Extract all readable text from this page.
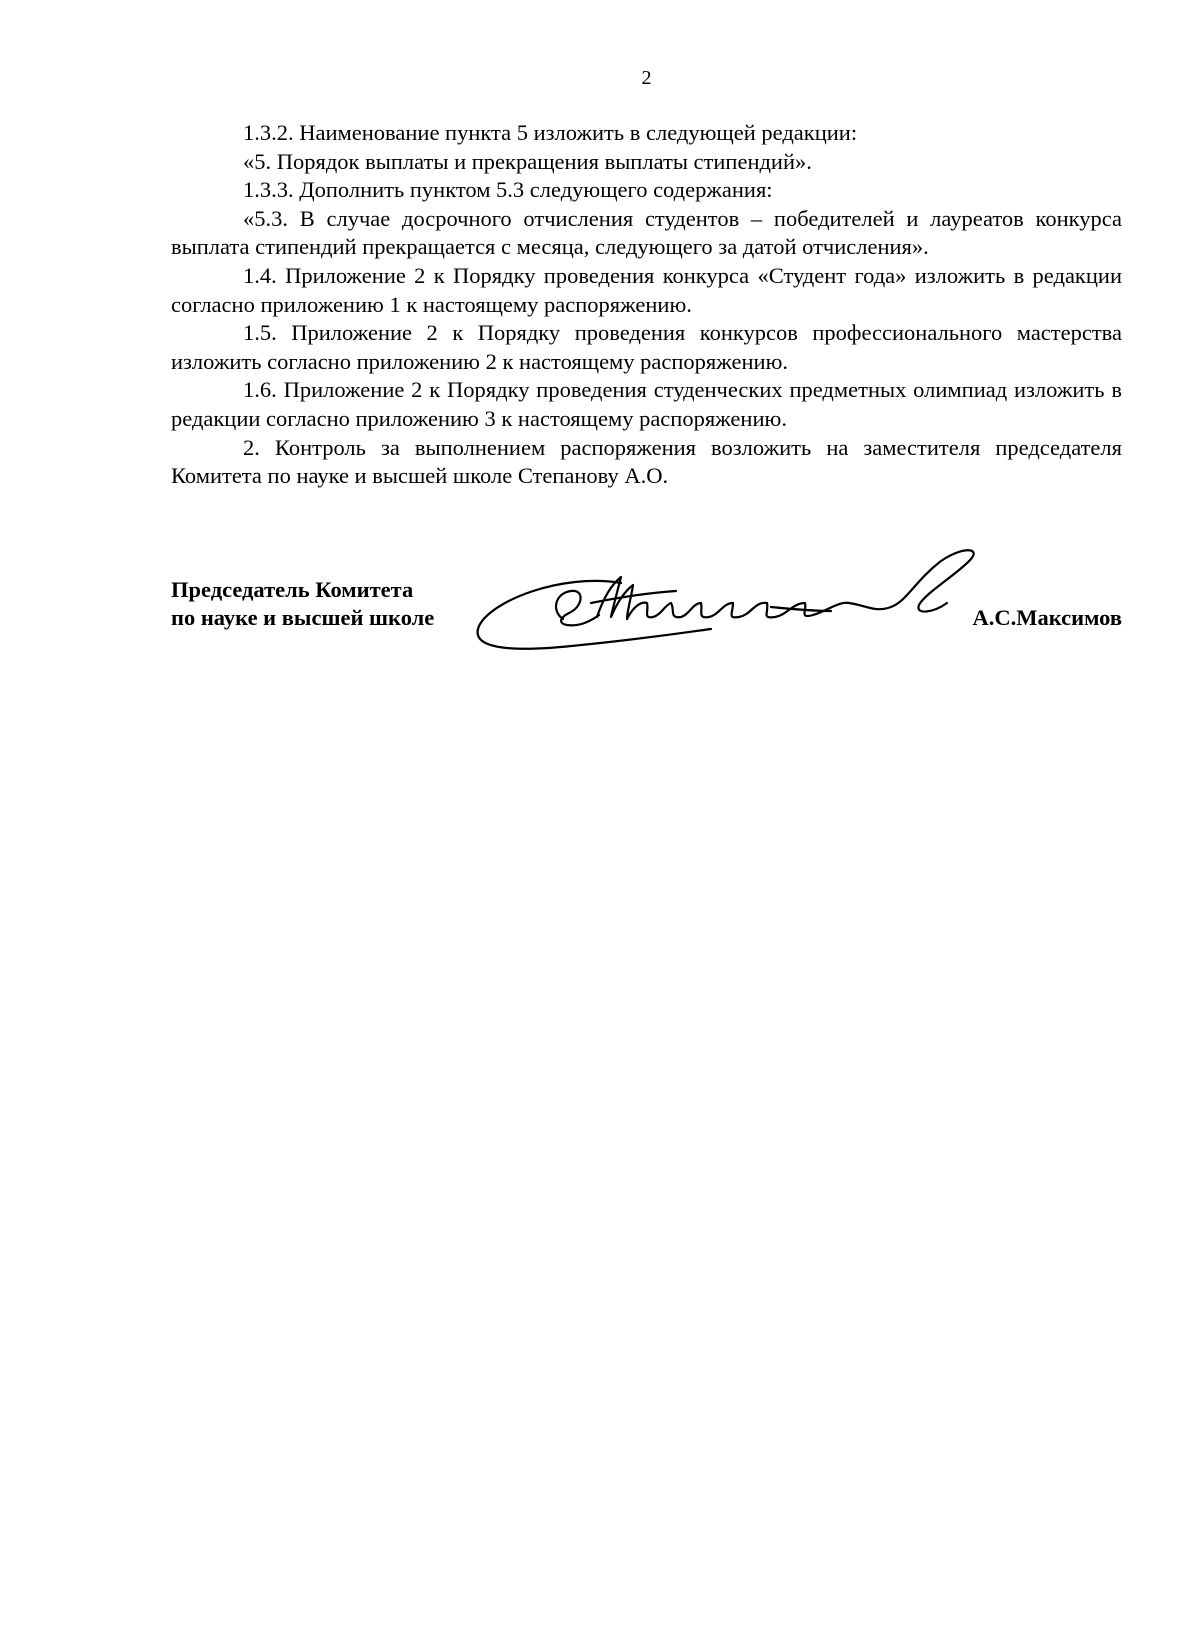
2

1.3.2. Наименование пункта 5 изложить в следующей редакции:

«5. Порядок выплаты и прекращения выплаты стипендий».

1.3.3. Дополнить пунктом 5.3 следующего содержания:

«5.3. В случае досрочного отчисления студентов – победителей и лауреатов конкурса выплата стипендий прекращается с месяца, следующего за датой отчисления».

1.4. Приложение 2 к Порядку проведения конкурса «Студент года» изложить в редакции согласно приложению 1 к настоящему распоряжению.

1.5. Приложение 2 к Порядку проведения конкурсов профессионального мастерства изложить согласно приложению 2 к настоящему распоряжению.

1.6. Приложение 2 к Порядку проведения студенческих предметных олимпиад изложить в редакции согласно приложению 3 к настоящему распоряжению.

2. Контроль за выполнением распоряжения возложить на заместителя председателя Комитета по науке и высшей школе Степанову А.О.

Председатель Комитета
по науке и высшей школе	А.С.Максимов
